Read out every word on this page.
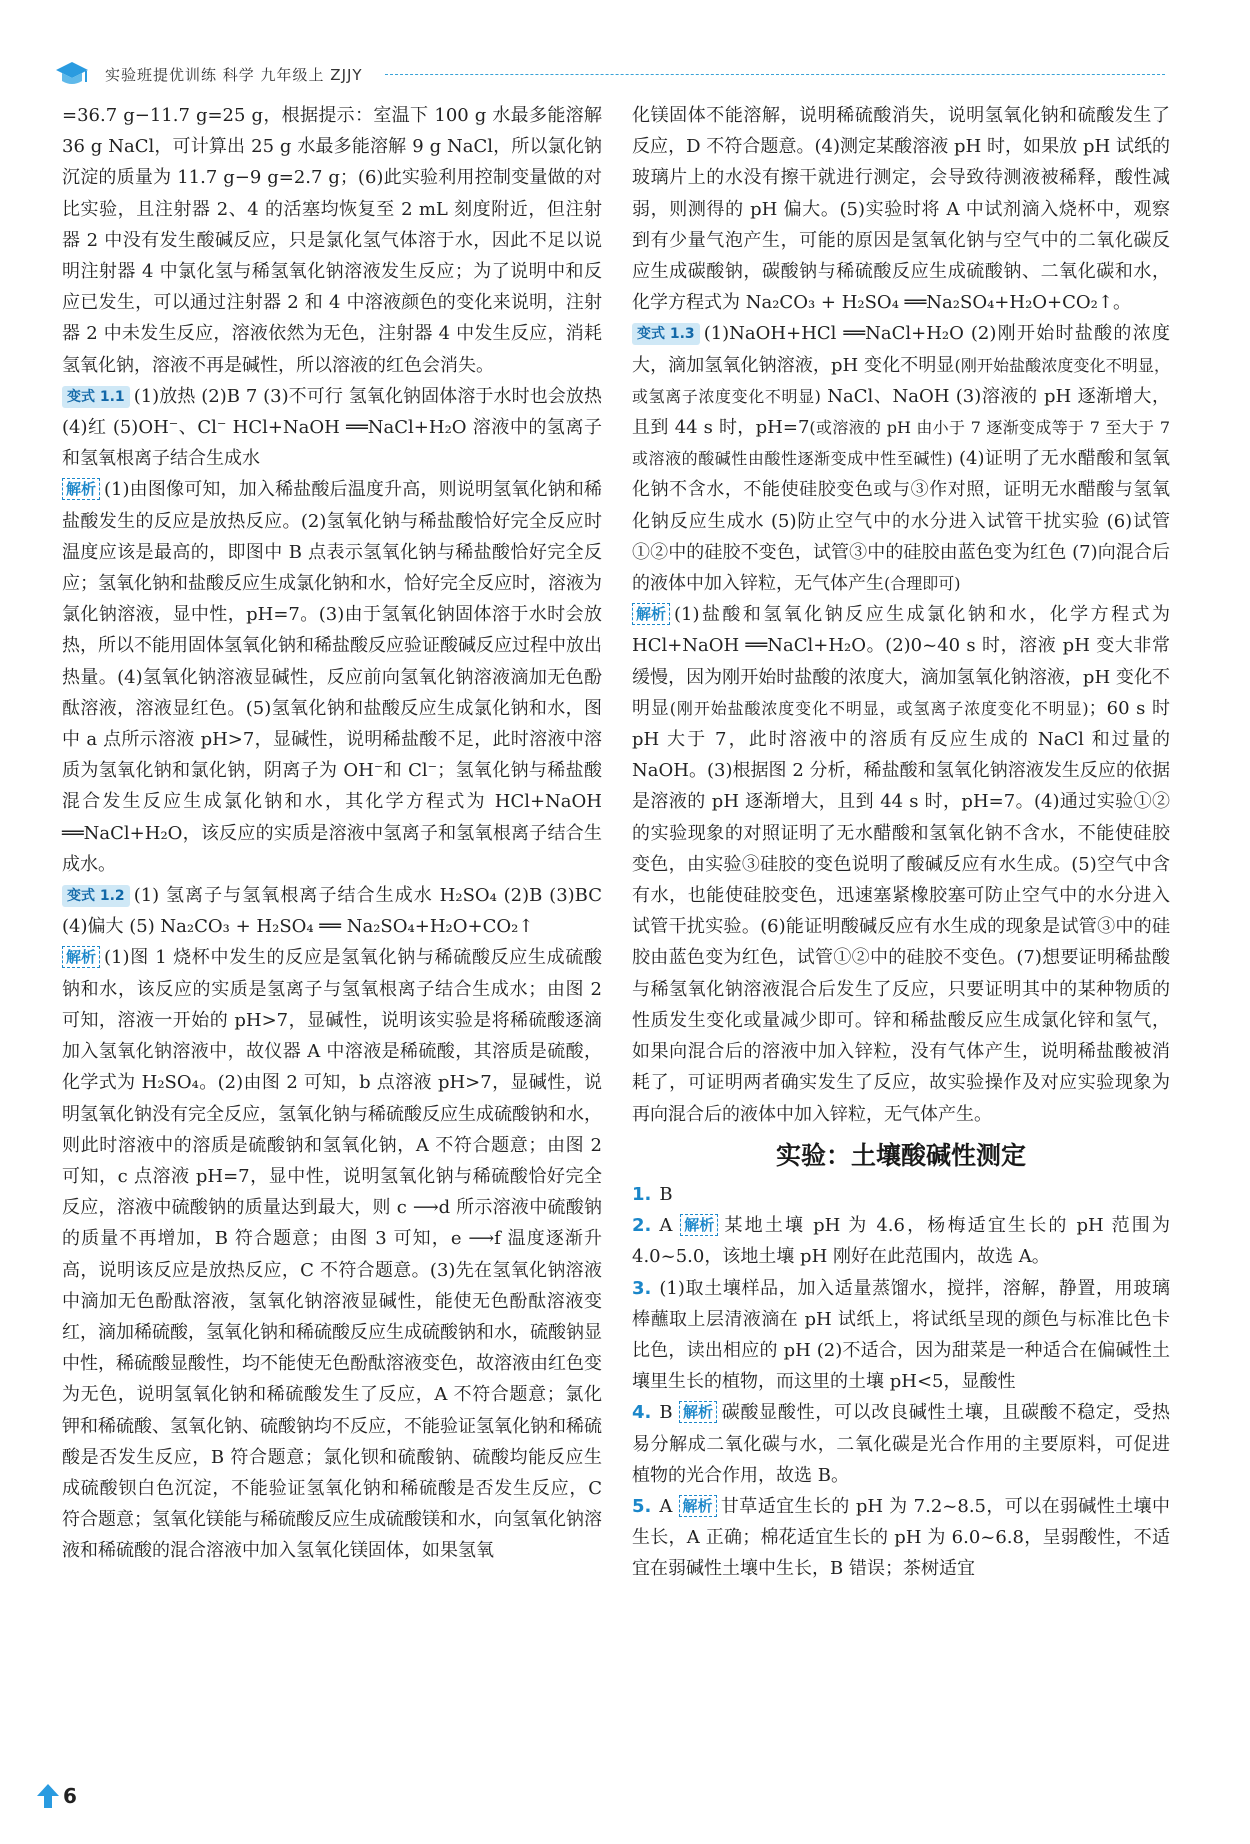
实验班提优训练 科学 九年级上 ZJJY

=36.7 g−11.7 g=25 g，根据提示：室温下 100 g 水最多能溶解 36 g NaCl，可计算出 25 g 水最多能溶解 9 g NaCl，所以氯化钠沉淀的质量为 11.7 g−9 g=2.7 g；(6)此实验利用控制变量做的对比实验，且注射器 2、4 的活塞均恢复至 2 mL 刻度附近，但注射器 2 中没有发生酸碱反应，只是氯化氢气体溶于水，因此不足以说明注射器 4 中氯化氢与稀氢氧化钠溶液发生反应；为了说明中和反应已发生，可以通过注射器 2 和 4 中溶液颜色的变化来说明，注射器 2 中未发生反应，溶液依然为无色，注射器 4 中发生反应，消耗氢氧化钠，溶液不再是碱性，所以溶液的红色会消失。

变式 1.1 (1)放热 (2)B 7 (3)不可行 氢氧化钠固体溶于水时也会放热 (4)红 (5)OH⁻、Cl⁻ HCl+NaOH ══NaCl+H₂O 溶液中的氢离子和氢氧根离子结合生成水

解析 (1)由图像可知，加入稀盐酸后温度升高，则说明氢氧化钠和稀盐酸发生的反应是放热反应。(2)氢氧化钠与稀盐酸恰好完全反应时温度应该是最高的，即图中 B 点表示氢氧化钠与稀盐酸恰好完全反应；氢氧化钠和盐酸反应生成氯化钠和水，恰好完全反应时，溶液为氯化钠溶液，显中性，pH=7。(3)由于氢氧化钠固体溶于水时会放热，所以不能用固体氢氧化钠和稀盐酸反应验证酸碱反应过程中放出热量。(4)氢氧化钠溶液显碱性，反应前向氢氧化钠溶液滴加无色酚酞溶液，溶液显红色。(5)氢氧化钠和盐酸反应生成氯化钠和水，图中 a 点所示溶液 pH>7，显碱性，说明稀盐酸不足，此时溶液中溶质为氢氧化钠和氯化钠，阴离子为 OH⁻和 Cl⁻；氢氧化钠与稀盐酸混合发生反应生成氯化钠和水，其化学方程式为 HCl+NaOH ══NaCl+H₂O，该反应的实质是溶液中氢离子和氢氧根离子结合生成水。

变式 1.2 (1) 氢离子与氢氧根离子结合生成水 H₂SO₄ (2)B (3)BC (4)偏大 (5) Na₂CO₃ + H₂SO₄ ══ Na₂SO₄+H₂O+CO₂↑

解析 (1)图 1 烧杯中发生的反应是氢氧化钠与稀硫酸反应生成硫酸钠和水，该反应的实质是氢离子与氢氧根离子结合生成水；由图 2 可知，溶液一开始的 pH>7，显碱性，说明该实验是将稀硫酸逐滴加入氢氧化钠溶液中，故仪器 A 中溶液是稀硫酸，其溶质是硫酸，化学式为 H₂SO₄。(2)由图 2 可知，b 点溶液 pH>7，显碱性，说明氢氧化钠没有完全反应，氢氧化钠与稀硫酸反应生成硫酸钠和水，则此时溶液中的溶质是硫酸钠和氢氧化钠，A 不符合题意；由图 2 可知，c 点溶液 pH=7，显中性，说明氢氧化钠与稀硫酸恰好完全反应，溶液中硫酸钠的质量达到最大，则 c ⟶d 所示溶液中硫酸钠的质量不再增加，B 符合题意；由图 3 可知，e ⟶f 温度逐渐升高，说明该反应是放热反应，C 不符合题意。(3)先在氢氧化钠溶液中滴加无色酚酞溶液，氢氧化钠溶液显碱性，能使无色酚酞溶液变红，滴加稀硫酸，氢氧化钠和稀硫酸反应生成硫酸钠和水，硫酸钠显中性，稀硫酸显酸性，均不能使无色酚酞溶液变色，故溶液由红色变为无色，说明氢氧化钠和稀硫酸发生了反应，A 不符合题意；氯化钾和稀硫酸、氢氧化钠、硫酸钠均不反应，不能验证氢氧化钠和稀硫酸是否发生反应，B 符合题意；氯化钡和硫酸钠、硫酸均能反应生成硫酸钡白色沉淀，不能验证氢氧化钠和稀硫酸是否发生反应，C 符合题意；氢氧化镁能与稀硫酸反应生成硫酸镁和水，向氢氧化钠溶液和稀硫酸的混合溶液中加入氢氧化镁固体，如果氢氧

化镁固体不能溶解，说明稀硫酸消失，说明氢氧化钠和硫酸发生了反应，D 不符合题意。(4)测定某酸溶液 pH 时，如果放 pH 试纸的玻璃片上的水没有擦干就进行测定，会导致待测液被稀释，酸性减弱，则测得的 pH 偏大。(5)实验时将 A 中试剂滴入烧杯中，观察到有少量气泡产生，可能的原因是氢氧化钠与空气中的二氧化碳反应生成碳酸钠，碳酸钠与稀硫酸反应生成硫酸钠、二氧化碳和水，化学方程式为 Na₂CO₃ + H₂SO₄ ══Na₂SO₄+H₂O+CO₂↑。

变式 1.3 (1)NaOH+HCl ══NaCl+H₂O (2)刚开始时盐酸的浓度大，滴加氢氧化钠溶液，pH 变化不明显(刚开始盐酸浓度变化不明显，或氢离子浓度变化不明显) NaCl、NaOH (3)溶液的 pH 逐渐增大，且到 44 s 时，pH=7(或溶液的 pH 由小于 7 逐渐变成等于 7 至大于 7 或溶液的酸碱性由酸性逐渐变成中性至碱性) (4)证明了无水醋酸和氢氧化钠不含水，不能使硅胶变色或与③作对照，证明无水醋酸与氢氧化钠反应生成水 (5)防止空气中的水分进入试管干扰实验 (6)试管①②中的硅胶不变色，试管③中的硅胶由蓝色变为红色 (7)向混合后的液体中加入锌粒，无气体产生(合理即可)

解析 (1)盐酸和氢氧化钠反应生成氯化钠和水，化学方程式为 HCl+NaOH ══NaCl+H₂O。(2)0~40 s 时，溶液 pH 变大非常缓慢，因为刚开始时盐酸的浓度大，滴加氢氧化钠溶液，pH 变化不明显(刚开始盐酸浓度变化不明显，或氢离子浓度变化不明显)；60 s 时 pH 大于 7，此时溶液中的溶质有反应生成的 NaCl 和过量的 NaOH。(3)根据图 2 分析，稀盐酸和氢氧化钠溶液发生反应的依据是溶液的 pH 逐渐增大，且到 44 s 时，pH=7。(4)通过实验①②的实验现象的对照证明了无水醋酸和氢氧化钠不含水，不能使硅胶变色，由实验③硅胶的变色说明了酸碱反应有水生成。(5)空气中含有水，也能使硅胶变色，迅速塞紧橡胶塞可防止空气中的水分进入试管干扰实验。(6)能证明酸碱反应有水生成的现象是试管③中的硅胶由蓝色变为红色，试管①②中的硅胶不变色。(7)想要证明稀盐酸与稀氢氧化钠溶液混合后发生了反应，只要证明其中的某种物质的性质发生变化或量减少即可。锌和稀盐酸反应生成氯化锌和氢气，如果向混合后的溶液中加入锌粒，没有气体产生，说明稀盐酸被消耗了，可证明两者确实发生了反应，故实验操作及对应实验现象为再向混合后的液体中加入锌粒，无气体产生。

实验：土壤酸碱性测定

1. B

2. A 解析 某地土壤 pH 为 4.6，杨梅适宜生长的 pH 范围为 4.0~5.0，该地土壤 pH 刚好在此范围内，故选 A。

3. (1)取土壤样品，加入适量蒸馏水，搅拌，溶解，静置，用玻璃棒蘸取上层清液滴在 pH 试纸上，将试纸呈现的颜色与标准比色卡比色，读出相应的 pH (2)不适合，因为甜菜是一种适合在偏碱性土壤里生长的植物，而这里的土壤 pH<5，显酸性

4. B 解析 碳酸显酸性，可以改良碱性土壤，且碳酸不稳定，受热易分解成二氧化碳与水，二氧化碳是光合作用的主要原料，可促进植物的光合作用，故选 B。

5. A 解析 甘草适宜生长的 pH 为 7.2~8.5，可以在弱碱性土壤中生长，A 正确；棉花适宜生长的 pH 为 6.0~6.8，呈弱酸性，不适宜在弱碱性土壤中生长，B 错误；茶树适宜

6
